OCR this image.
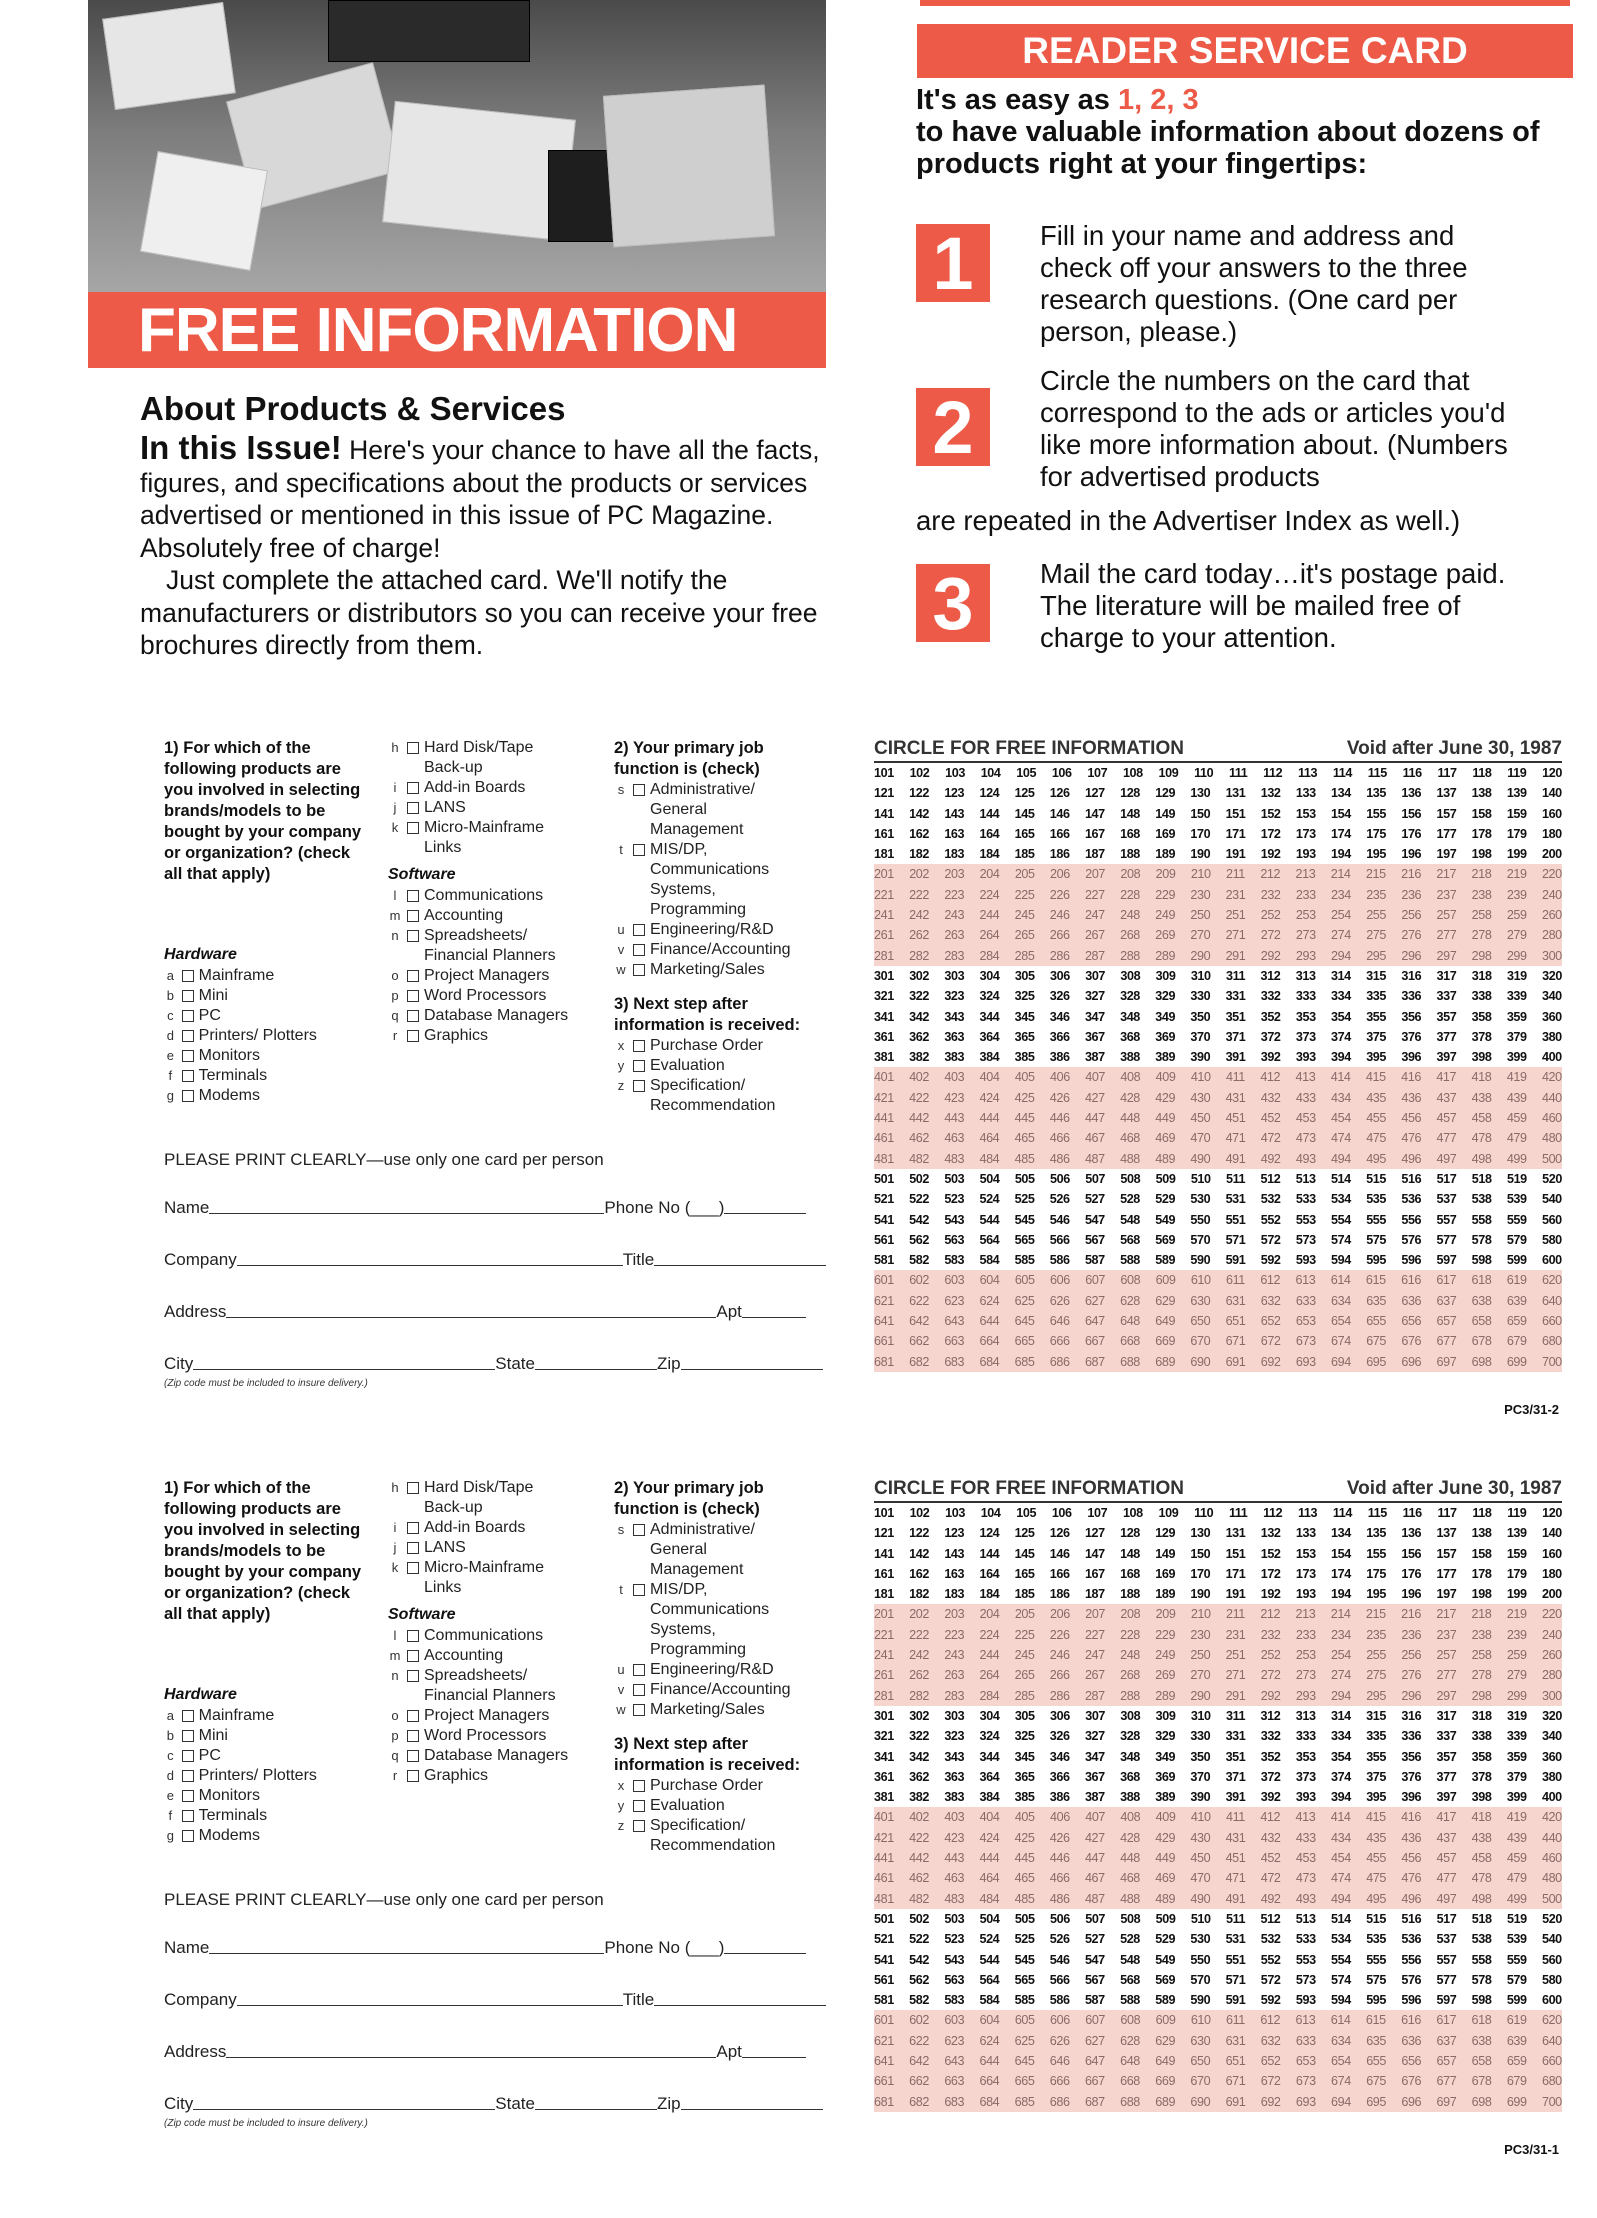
FREE INFORMATION
About Products & Services

In this Issue! Here's your chance to have all the facts, figures, and specifications about the products or services advertised or mentioned in this issue of PC Magazine. Absolutely free of charge!

Just complete the attached card. We'll notify the manufacturers or distributors so you can receive your free brochures directly from them.

READER SERVICE CARD
It's as easy as 1, 2, 3
to have valuable information about dozens of products right at your fingertips:
1	Fill in your name and address and check off your answers to the three research questions. (One card per person, please.)
2
Circle the numbers on the card that correspond to the ads or articles you'd like more information about. (Numbers for advertised products
are repeated in the Advertiser Index as well.)
3	Mail the card today…it's postage paid. The literature will be mailed free of charge to your attention.
1) For which of the following products are you involved in selecting brands/models to be bought by your company or organization? (check all that apply)
Hardware
a Mainframe
b Mini
c PC
d Printers/ Plotters
e Monitors
f Terminals
g Modems
h Hard Disk/Tape Back-up
i	Add-in Boards
j	LANS
k Micro-Mainframe Links
Software
l	Communications
m Accounting
n Spreadsheets/ Financial Planners
o Project Managers
p Word Processors
q Database Managers
r	Graphics
2) Your primary job function is (check)
s Administrative/ General Management
t	MIS/DP, Communications Systems, Programming
u Engineering/R&D
v Finance/Accounting
w Marketing/Sales
3) Next step after information is received:
x Purchase Order
y Evaluation
z Specification/ Recommendation
PLEASE PRINT CLEARLY—use only one card per person
Name	Phone No
(___)
Company	Title
Address	Apt
City	State	Zip
(Zip code must be included to insure delivery.)
CIRCLE FOR FREE INFORMATION	Void after June 30, 1987
101 102 103 104 105 106 107 108 109 110 111 112 113 114 115 116 117 118 119 120
121 122 123 124 125 126 127 128 129 130 131 132 133 134 135 136 137 138 139 140
141 142 143 144 145 146 147 148 149 150 151 152 153 154 155 156 157 158 159 160
161 162 163 164 165 166 167 168 169 170 171 172 173 174 175 176 177 178 179 180
181 182 183 184 185 186 187 188 189 190 191 192 193 194 195 196 197 198 199 200
201 202 203 204 205 206 207 208 209 210 211 212 213 214 215 216 217 218 219 220
221 222 223 224 225 226 227 228 229 230 231 232 233 234 235 236 237 238 239 240
241 242 243 244 245 246 247 248 249 250 251 252 253 254 255 256 257 258 259 260
261 262 263 264 265 266 267 268 269 270 271 272 273 274 275 276 277 278 279 280
281 282 283 284 285 286 287 288 289 290 291 292 293 294 295 296 297 298 299 300
301 302 303 304 305 306 307 308 309 310 311 312 313 314 315 316 317 318 319 320
321 322 323 324 325 326 327 328 329 330 331 332 333 334 335 336 337 338 339 340
341 342 343 344 345 346 347 348 349 350 351 352 353 354 355 356 357 358 359 360
361 362 363 364 365 366 367 368 369 370 371 372 373 374 375 376 377 378 379 380
381 382 383 384 385 386 387 388 389 390 391 392 393 394 395 396 397 398 399 400
401 402 403 404 405 406 407 408 409 410 411 412 413 414 415 416 417 418 419 420
421 422 423 424 425 426 427 428 429 430 431 432 433 434 435 436 437 438 439 440
441 442 443 444 445 446 447 448 449 450 451 452 453 454 455 456 457 458 459 460
461 462 463 464 465 466 467 468 469 470 471 472 473 474 475 476 477 478 479 480
481 482 483 484 485 486 487 488 489 490 491 492 493 494 495 496 497 498 499 500
501 502 503 504 505 506 507 508 509 510 511 512 513 514 515 516 517 518 519 520
521 522 523 524 525 526 527 528 529 530 531 532 533 534 535 536 537 538 539 540
541 542 543 544 545 546 547 548 549 550 551 552 553 554 555 556 557 558 559 560
561 562 563 564 565 566 567 568 569 570 571 572 573 574 575 576 577 578 579 580
581 582 583 584 585 586 587 588 589 590 591 592 593 594 595 596 597 598 599 600
601 602 603 604 605 606 607 608 609 610 611 612 613 614 615 616 617 618 619 620
621 622 623 624 625 626 627 628 629 630 631 632 633 634 635 636 637 638 639 640
641 642 643 644 645 646 647 648 649 650 651 652 653 654 655 656 657 658 659 660
661 662 663 664 665 666 667 668 669 670 671 672 673 674 675 676 677 678 679 680
681 682 683 684 685 686 687 688 689 690 691 692 693 694 695 696 697 698 699 700
PC3/31-2
1) For which of the following products are you involved in selecting brands/models to be bought by your company or organization? (check all that apply)
Hardware
a Mainframe
b Mini
c PC
d Printers/ Plotters
e Monitors
f Terminals
g Modems
h Hard Disk/Tape Back-up
i	Add-in Boards
j	LANS
k Micro-Mainframe Links
Software
l	Communications
m Accounting
n Spreadsheets/ Financial Planners
o Project Managers
p Word Processors
q Database Managers
r	Graphics
2) Your primary job function is (check)
s Administrative/ General Management
t	MIS/DP, Communications Systems, Programming
u Engineering/R&D
v Finance/Accounting
w Marketing/Sales
3) Next step after information is received:
x Purchase Order
y Evaluation
z Specification/ Recommendation
PLEASE PRINT CLEARLY—use only one card per person
Name	Phone No
(___)
Company	Title
Address	Apt
City	State	Zip
(Zip code must be included to insure delivery.)
CIRCLE FOR FREE INFORMATION	Void after June 30, 1987
101 102 103 104 105 106 107 108 109 110 111 112 113 114 115 116 117 118 119 120
121 122 123 124 125 126 127 128 129 130 131 132 133 134 135 136 137 138 139 140
141 142 143 144 145 146 147 148 149 150 151 152 153 154 155 156 157 158 159 160
161 162 163 164 165 166 167 168 169 170 171 172 173 174 175 176 177 178 179 180
181 182 183 184 185 186 187 188 189 190 191 192 193 194 195 196 197 198 199 200
201 202 203 204 205 206 207 208 209 210 211 212 213 214 215 216 217 218 219 220
221 222 223 224 225 226 227 228 229 230 231 232 233 234 235 236 237 238 239 240
241 242 243 244 245 246 247 248 249 250 251 252 253 254 255 256 257 258 259 260
261 262 263 264 265 266 267 268 269 270 271 272 273 274 275 276 277 278 279 280
281 282 283 284 285 286 287 288 289 290 291 292 293 294 295 296 297 298 299 300
301 302 303 304 305 306 307 308 309 310 311 312 313 314 315 316 317 318 319 320
321 322 323 324 325 326 327 328 329 330 331 332 333 334 335 336 337 338 339 340
341 342 343 344 345 346 347 348 349 350 351 352 353 354 355 356 357 358 359 360
361 362 363 364 365 366 367 368 369 370 371 372 373 374 375 376 377 378 379 380
381 382 383 384 385 386 387 388 389 390 391 392 393 394 395 396 397 398 399 400
401 402 403 404 405 406 407 408 409 410 411 412 413 414 415 416 417 418 419 420
421 422 423 424 425 426 427 428 429 430 431 432 433 434 435 436 437 438 439 440
441 442 443 444 445 446 447 448 449 450 451 452 453 454 455 456 457 458 459 460
461 462 463 464 465 466 467 468 469 470 471 472 473 474 475 476 477 478 479 480
481 482 483 484 485 486 487 488 489 490 491 492 493 494 495 496 497 498 499 500
501 502 503 504 505 506 507 508 509 510 511 512 513 514 515 516 517 518 519 520
521 522 523 524 525 526 527 528 529 530 531 532 533 534 535 536 537 538 539 540
541 542 543 544 545 546 547 548 549 550 551 552 553 554 555 556 557 558 559 560
561 562 563 564 565 566 567 568 569 570 571 572 573 574 575 576 577 578 579 580
581 582 583 584 585 586 587 588 589 590 591 592 593 594 595 596 597 598 599 600
601 602 603 604 605 606 607 608 609 610 611 612 613 614 615 616 617 618 619 620
621 622 623 624 625 626 627 628 629 630 631 632 633 634 635 636 637 638 639 640
641 642 643 644 645 646 647 648 649 650 651 652 653 654 655 656 657 658 659 660
661 662 663 664 665 666 667 668 669 670 671 672 673 674 675 676 677 678 679 680
681 682 683 684 685 686 687 688 689 690 691 692 693 694 695 696 697 698 699 700
PC3/31-1
